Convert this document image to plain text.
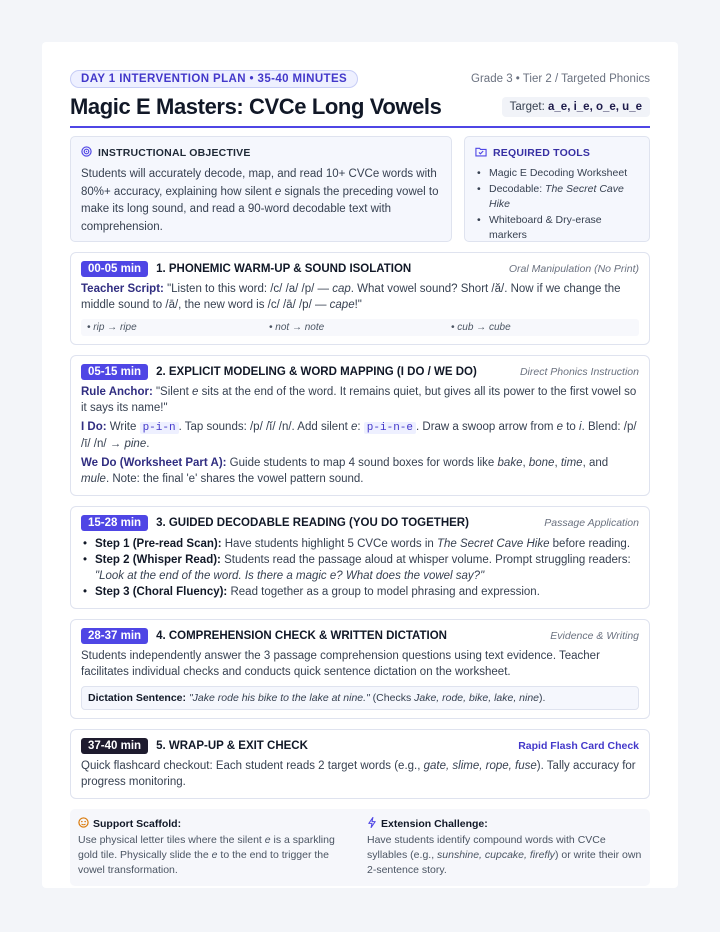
DAY 1 INTERVENTION PLAN • 35-40 MINUTES	Grade 3 • Tier 2 / Targeted Phonics
Magic E Masters: CVCe Long Vowels	Target: a_e, i_e, o_e, u_e
INSTRUCTIONAL OBJECTIVE

Students will accurately decode, map, and read 10+ CVCe words with 80%+ accuracy, explaining how silent e signals the preceding vowel to make its long sound, and read a 90-word decodable text with comprehension.

REQUIRED TOOLS
• Magic E Decoding Worksheet
• Decodable: The Secret Cave Hike
• Whiteboard & Dry-erase markers
00-05 min	1. PHONEMIC WARM-UP & SOUND ISOLATION	Oral Manipulation (No Print)
Teacher Script: "Listen to this word: /c/ /a/ /p/ — cap. What vowel sound? Short /ă/. Now if we change the middle sound to /ā/, the new word is /c/ /ā/ /p/ — cape!"
• rip → ripe	• not → note	• cub → cube
05-15 min	2. EXPLICIT MODELING & WORD MAPPING (I DO / WE DO)	Direct Phonics Instruction
Rule Anchor: "Silent e sits at the end of the word. It remains quiet, but gives all its power to the first vowel so it says its name!"
I Do: Write p-i-n . Tap sounds: /p/ /ĭ/ /n/. Add silent e: p-i-n-e . Draw a swoop arrow from e to i. Blend: /p/ /ī/ /n/ → pine.
We Do (Worksheet Part A): Guide students to map 4 sound boxes for words like bake, bone, time, and mule. Note: the final 'e' shares the vowel pattern sound.
15-28 min	3. GUIDED DECODABLE READING (YOU DO TOGETHER)	Passage Application
• Step 1 (Pre-read Scan): Have students highlight 5 CVCe words in The Secret Cave Hike before reading.
• Step 2 (Whisper Read): Students read the passage aloud at whisper volume. Prompt struggling readers: "Look at the end of the word. Is there a magic e? What does the vowel say?"
• Step 3 (Choral Fluency): Read together as a group to model phrasing and expression.
28-37 min	4. COMPREHENSION CHECK & WRITTEN DICTATION	Evidence & Writing
Students independently answer the 3 passage comprehension questions using text evidence. Teacher facilitates individual checks and conducts quick sentence dictation on the worksheet.
Dictation Sentence: "Jake rode his bike to the lake at nine." (Checks Jake, rode, bike, lake, nine).
37-40 min	5. WRAP-UP & EXIT CHECK	Rapid Flash Card Check
Quick flashcard checkout: Each student reads 2 target words (e.g., gate, slime, rope, fuse). Tally accuracy for progress monitoring.
Support Scaffold:

Use physical letter tiles where the silent e is a sparkling gold tile. Physically slide the e to the end to trigger the vowel transformation.

Extension Challenge:

Have students identify compound words with CVCe syllables (e.g., sunshine, cupcake, firefly) or write their own 2-sentence story.
